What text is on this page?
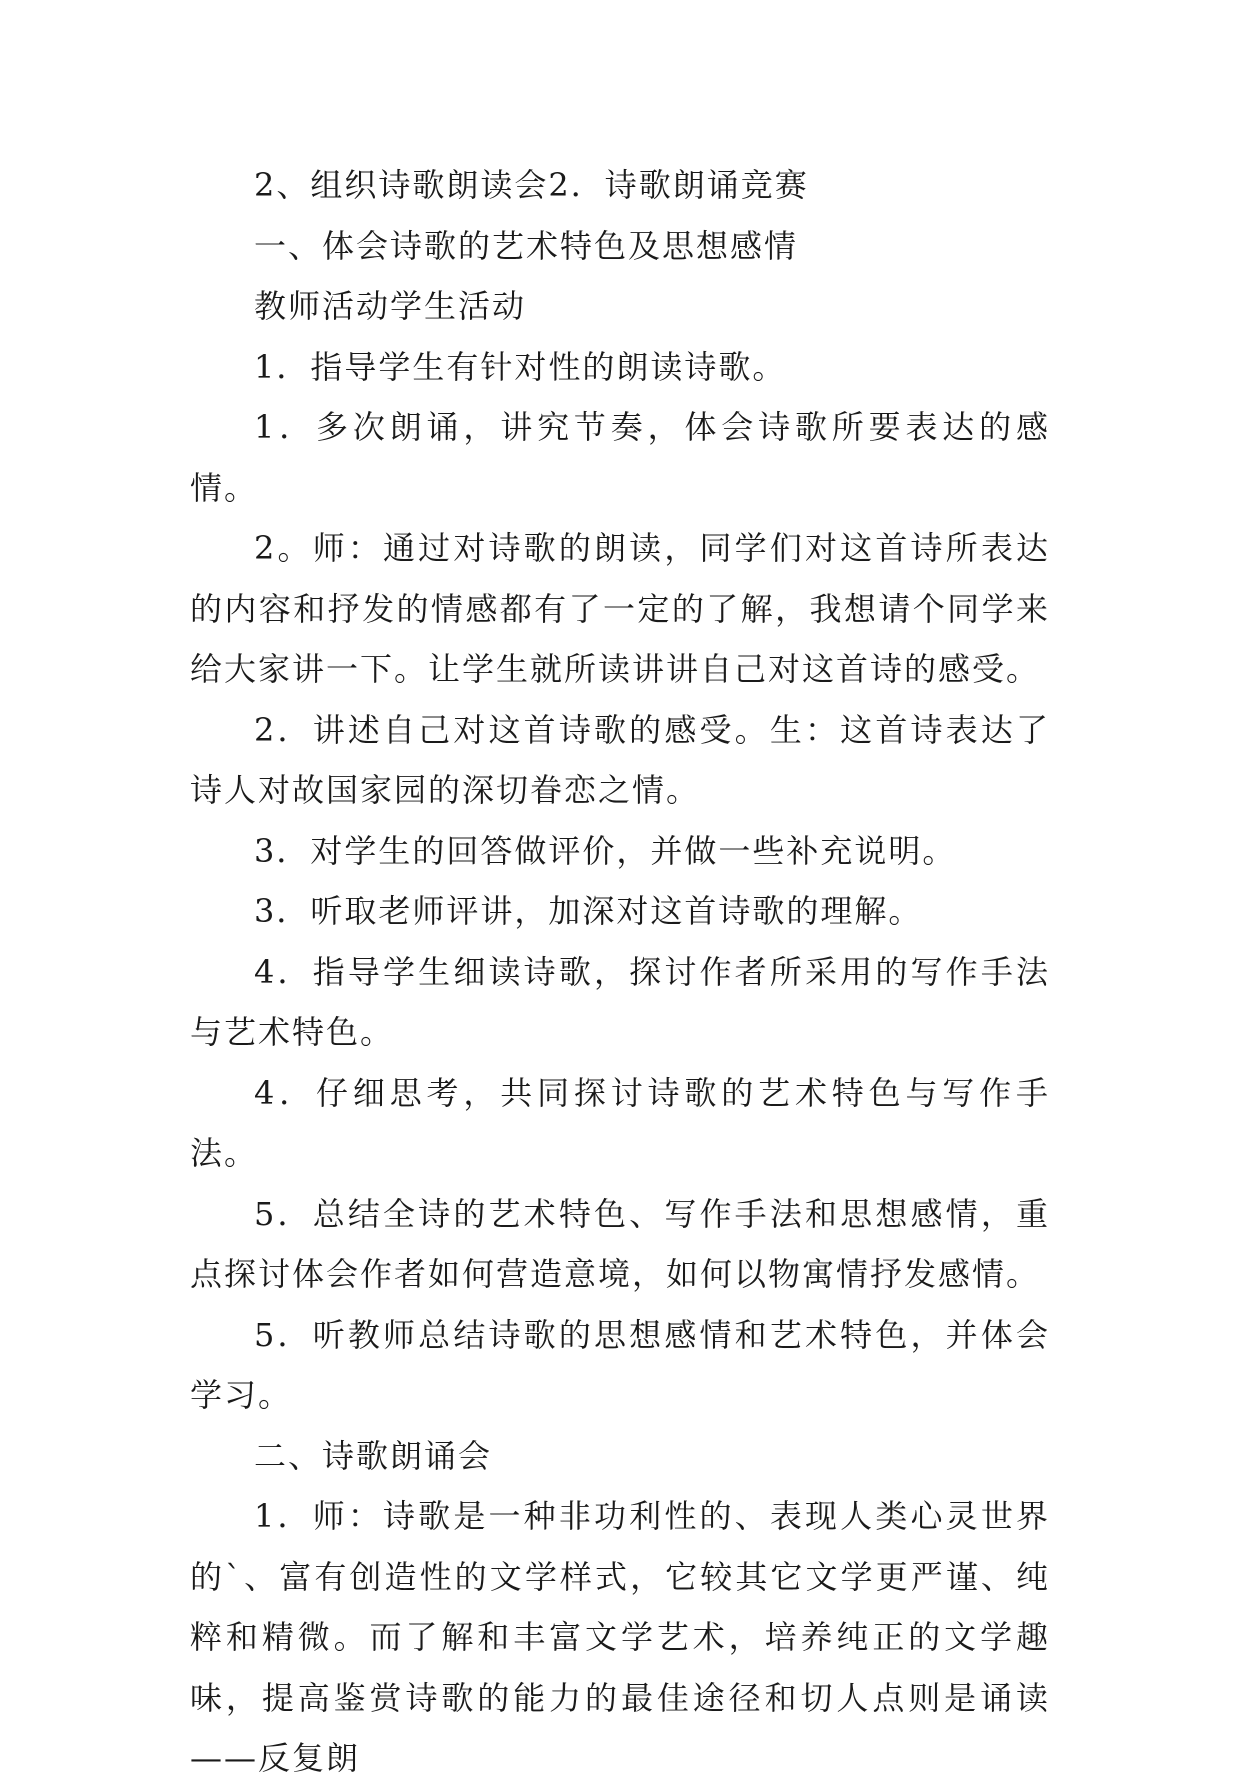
2、组织诗歌朗读会2．诗歌朗诵竞赛

一、体会诗歌的艺术特色及思想感情

教师活动学生活动

1．指导学生有针对性的朗读诗歌。

1．多次朗诵，讲究节奏，体会诗歌所要表达的感情。

2。师：通过对诗歌的朗读，同学们对这首诗所表达的内容和抒发的情感都有了一定的了解，我想请个同学来给大家讲一下。让学生就所读讲讲自己对这首诗的感受。

2．讲述自己对这首诗歌的感受。生：这首诗表达了诗人对故国家园的深切眷恋之情。

3．对学生的回答做评价，并做一些补充说明。

3．听取老师评讲，加深对这首诗歌的理解。

4．指导学生细读诗歌，探讨作者所采用的写作手法与艺术特色。

4．仔细思考，共同探讨诗歌的艺术特色与写作手法。

5．总结全诗的艺术特色、写作手法和思想感情，重点探讨体会作者如何营造意境，如何以物寓情抒发感情。

5．听教师总结诗歌的思想感情和艺术特色，并体会学习。

二、诗歌朗诵会

1．师：诗歌是一种非功利性的、表现人类心灵世界的`、富有创造性的文学样式，它较其它文学更严谨、纯粹和精微。而了解和丰富文学艺术，培养纯正的文学趣味，提高鉴赏诗歌的能力的最佳途径和切人点则是诵读——反复朗
